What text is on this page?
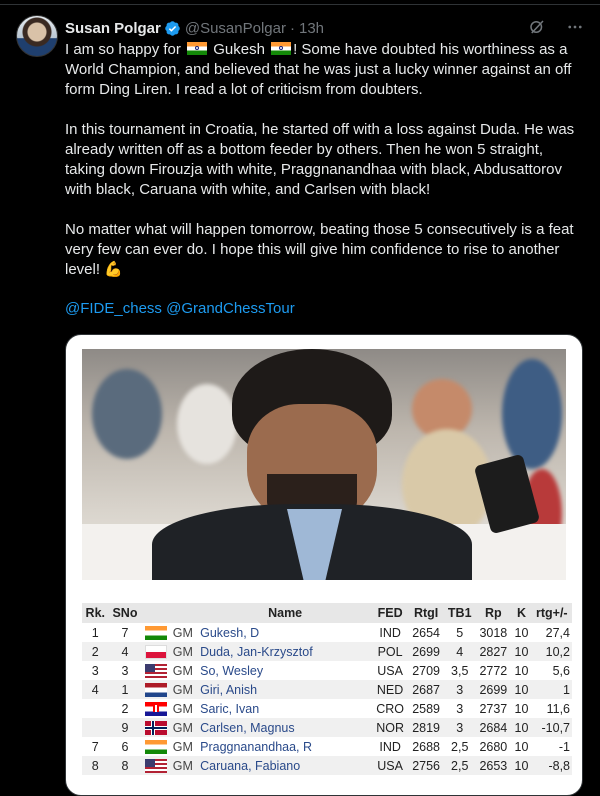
Susan Polgar @SusanPolgar · 13h
I am so happy for  Gukesh ! Some have doubted his worthiness as a World Champion, and believed that he was just a lucky winner against an off form Ding Liren. I read a lot of criticism from doubters.

In this tournament in Croatia, he started off with a loss against Duda. He was already written off as a bottom feeder by others. Then he won 5 straight, taking down Firouzja with white, Praggnanandhaa with black, Abdusattorov with black, Caruana with white, and Carlsen with black!

No matter what will happen tomorrow, beating those 5 consecutively is a feat very few can ever do. I hope this will give him confidence to rise to another level! 💪
@FIDE_chess @GrandChessTour
Rk.	SNo			Name	FED	RtgI	TB1	Rp	K	rtg+/-
1	7		GM	Gukesh, D	IND	2654	5	3018	10	27,4
2	4		GM	Duda, Jan-Krzysztof	POL	2699	4	2827	10	10,2
3	3		GM	So, Wesley	USA	2709	3,5	2772	10	5,6
4	1		GM	Giri, Anish	NED	2687	3	2699	10	1
	2		GM	Saric, Ivan	CRO	2589	3	2737	10	11,6
	9		GM	Carlsen, Magnus	NOR	2819	3	2684	10	-10,7
7	6		GM	Praggnanandhaa, R	IND	2688	2,5	2680	10	-1
8	8		GM	Caruana, Fabiano	USA	2756	2,5	2653	10	-8,8
